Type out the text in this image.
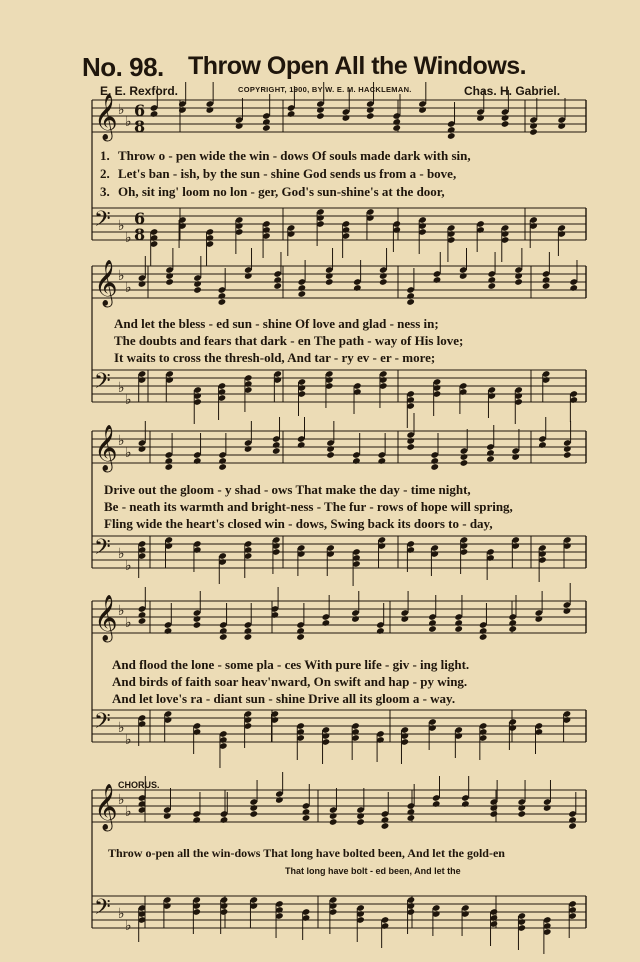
No. 98. Throw Open All the Windows.
E. E. Rexford.	COPYRIGHT, 1900, BY W. E. M. HACKLEMAN.	Chas. H. Gabriel.
𝄞 ♭
♭
6
8
𝄢 ♭
♭
6
8
𝄞 ♭
♭
𝄢 ♭
♭
𝄞 ♭
♭
𝄢 ♭
♭
𝄞 ♭
♭
𝄢 ♭
♭
𝄞 ♭
♭
𝄢 ♭
♭
1. Throw o - pen wide the win - dows Of souls made dark with sin,
2. Let's ban - ish, by the sun - shine God sends us from a - bove,
3. Oh, sit ing' loom no lon - ger, God's sun-shine's at the door,
And let the bless - ed sun - shine Of love and glad - ness in;
The doubts and fears that dark - en The path - way of His love;
It waits to cross the thresh-old, And tar - ry ev - er - more;
Drive out the gloom - y shad - ows That make the day - time night,
Be - neath its warmth and bright-ness - The fur - rows of hope will spring,
Fling wide the heart's closed win - dows, Swing back its doors to - day,
And flood the lone - some pla - ces With pure life - giv - ing light.
And birds of faith soar heav'nward, On swift and hap - py wing.
And let love's ra - diant sun - shine Drive all its gloom a - way.
CHORUS.
Throw o-pen all the win-dows That long have bolted been, And let the gold-en
That long have bolt - ed been, And let the
